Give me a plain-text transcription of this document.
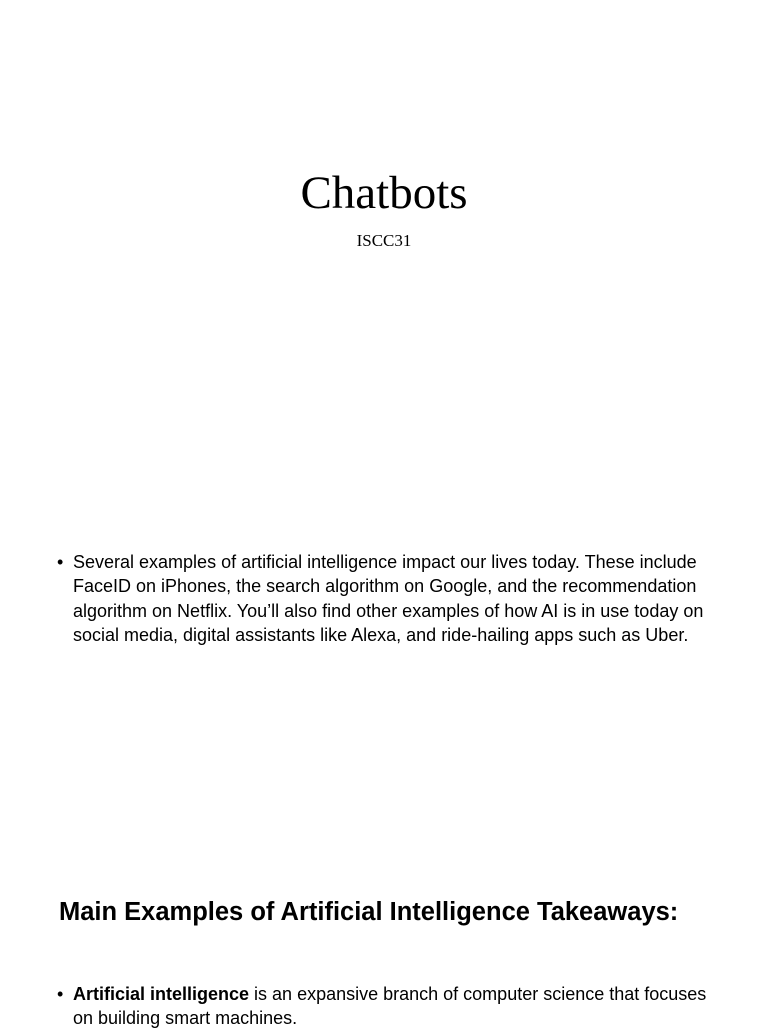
Chatbots
ISCC31
• Several examples of artificial intelligence impact our lives today. These include FaceID on iPhones, the search algorithm on Google, and the recommendation algorithm on Netflix. You’ll also find other examples of how AI is in use today on social media, digital assistants like Alexa, and ride-hailing apps such as Uber.
Main Examples of Artificial Intelligence Takeaways:
• Artificial intelligence is an expansive branch of computer science that focuses on building smart machines.
